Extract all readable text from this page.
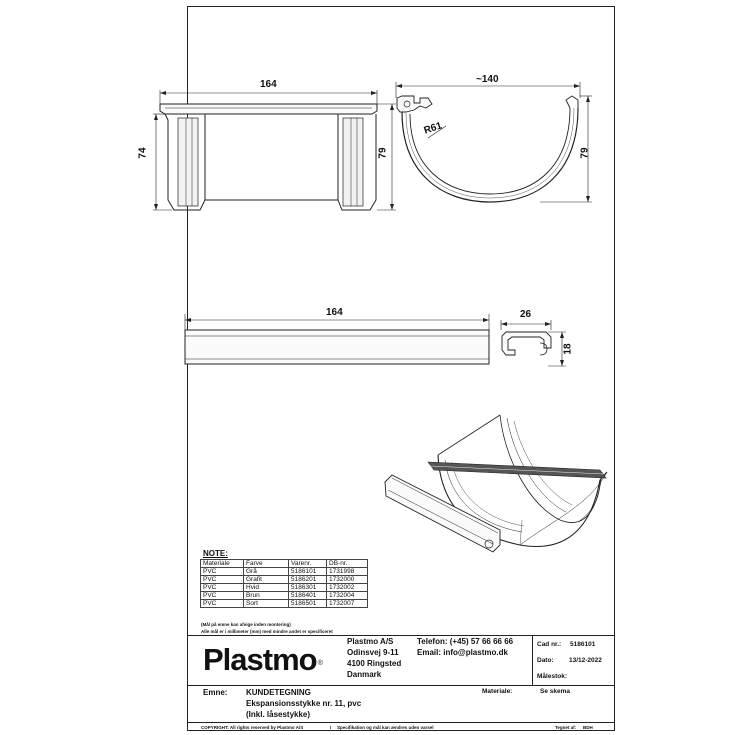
164
74	79
~140
79
R61
164	26
18
NOTE:
Materiale	Farve	Varenr.	DB-nr.
PVC	Grå	5186101	1731998
PVC	Grafit	5186201	1732000
PVC	Hvid	5186301	1732002
PVC	Brun	5186401	1732004
PVC	Sort	5186501	1732007
(Mål på emne kan afvige inden montering)
Alle mål er i millimeter (mm) med mindre andet er specificeret
Plastmo®
Plastmo A/S
Odinsvej 9-11
4100 Ringsted
Danmark
Telefon: (+45) 57 66 66 66
Email: info@plastmo.dk
Cad nr.: 5186101
Dato: 13/12-2022
Målestok:
Emne: KUNDETEGNING
Ekspansionsstykke nr. 11, pvc
(Inkl. låsestykke)
Materiale:	Se skema
COPYRIGHT: All rights reserved by Plastmo A/S	I Specifikation og mål kan ændres uden varsel	Tegnet af: BDH
